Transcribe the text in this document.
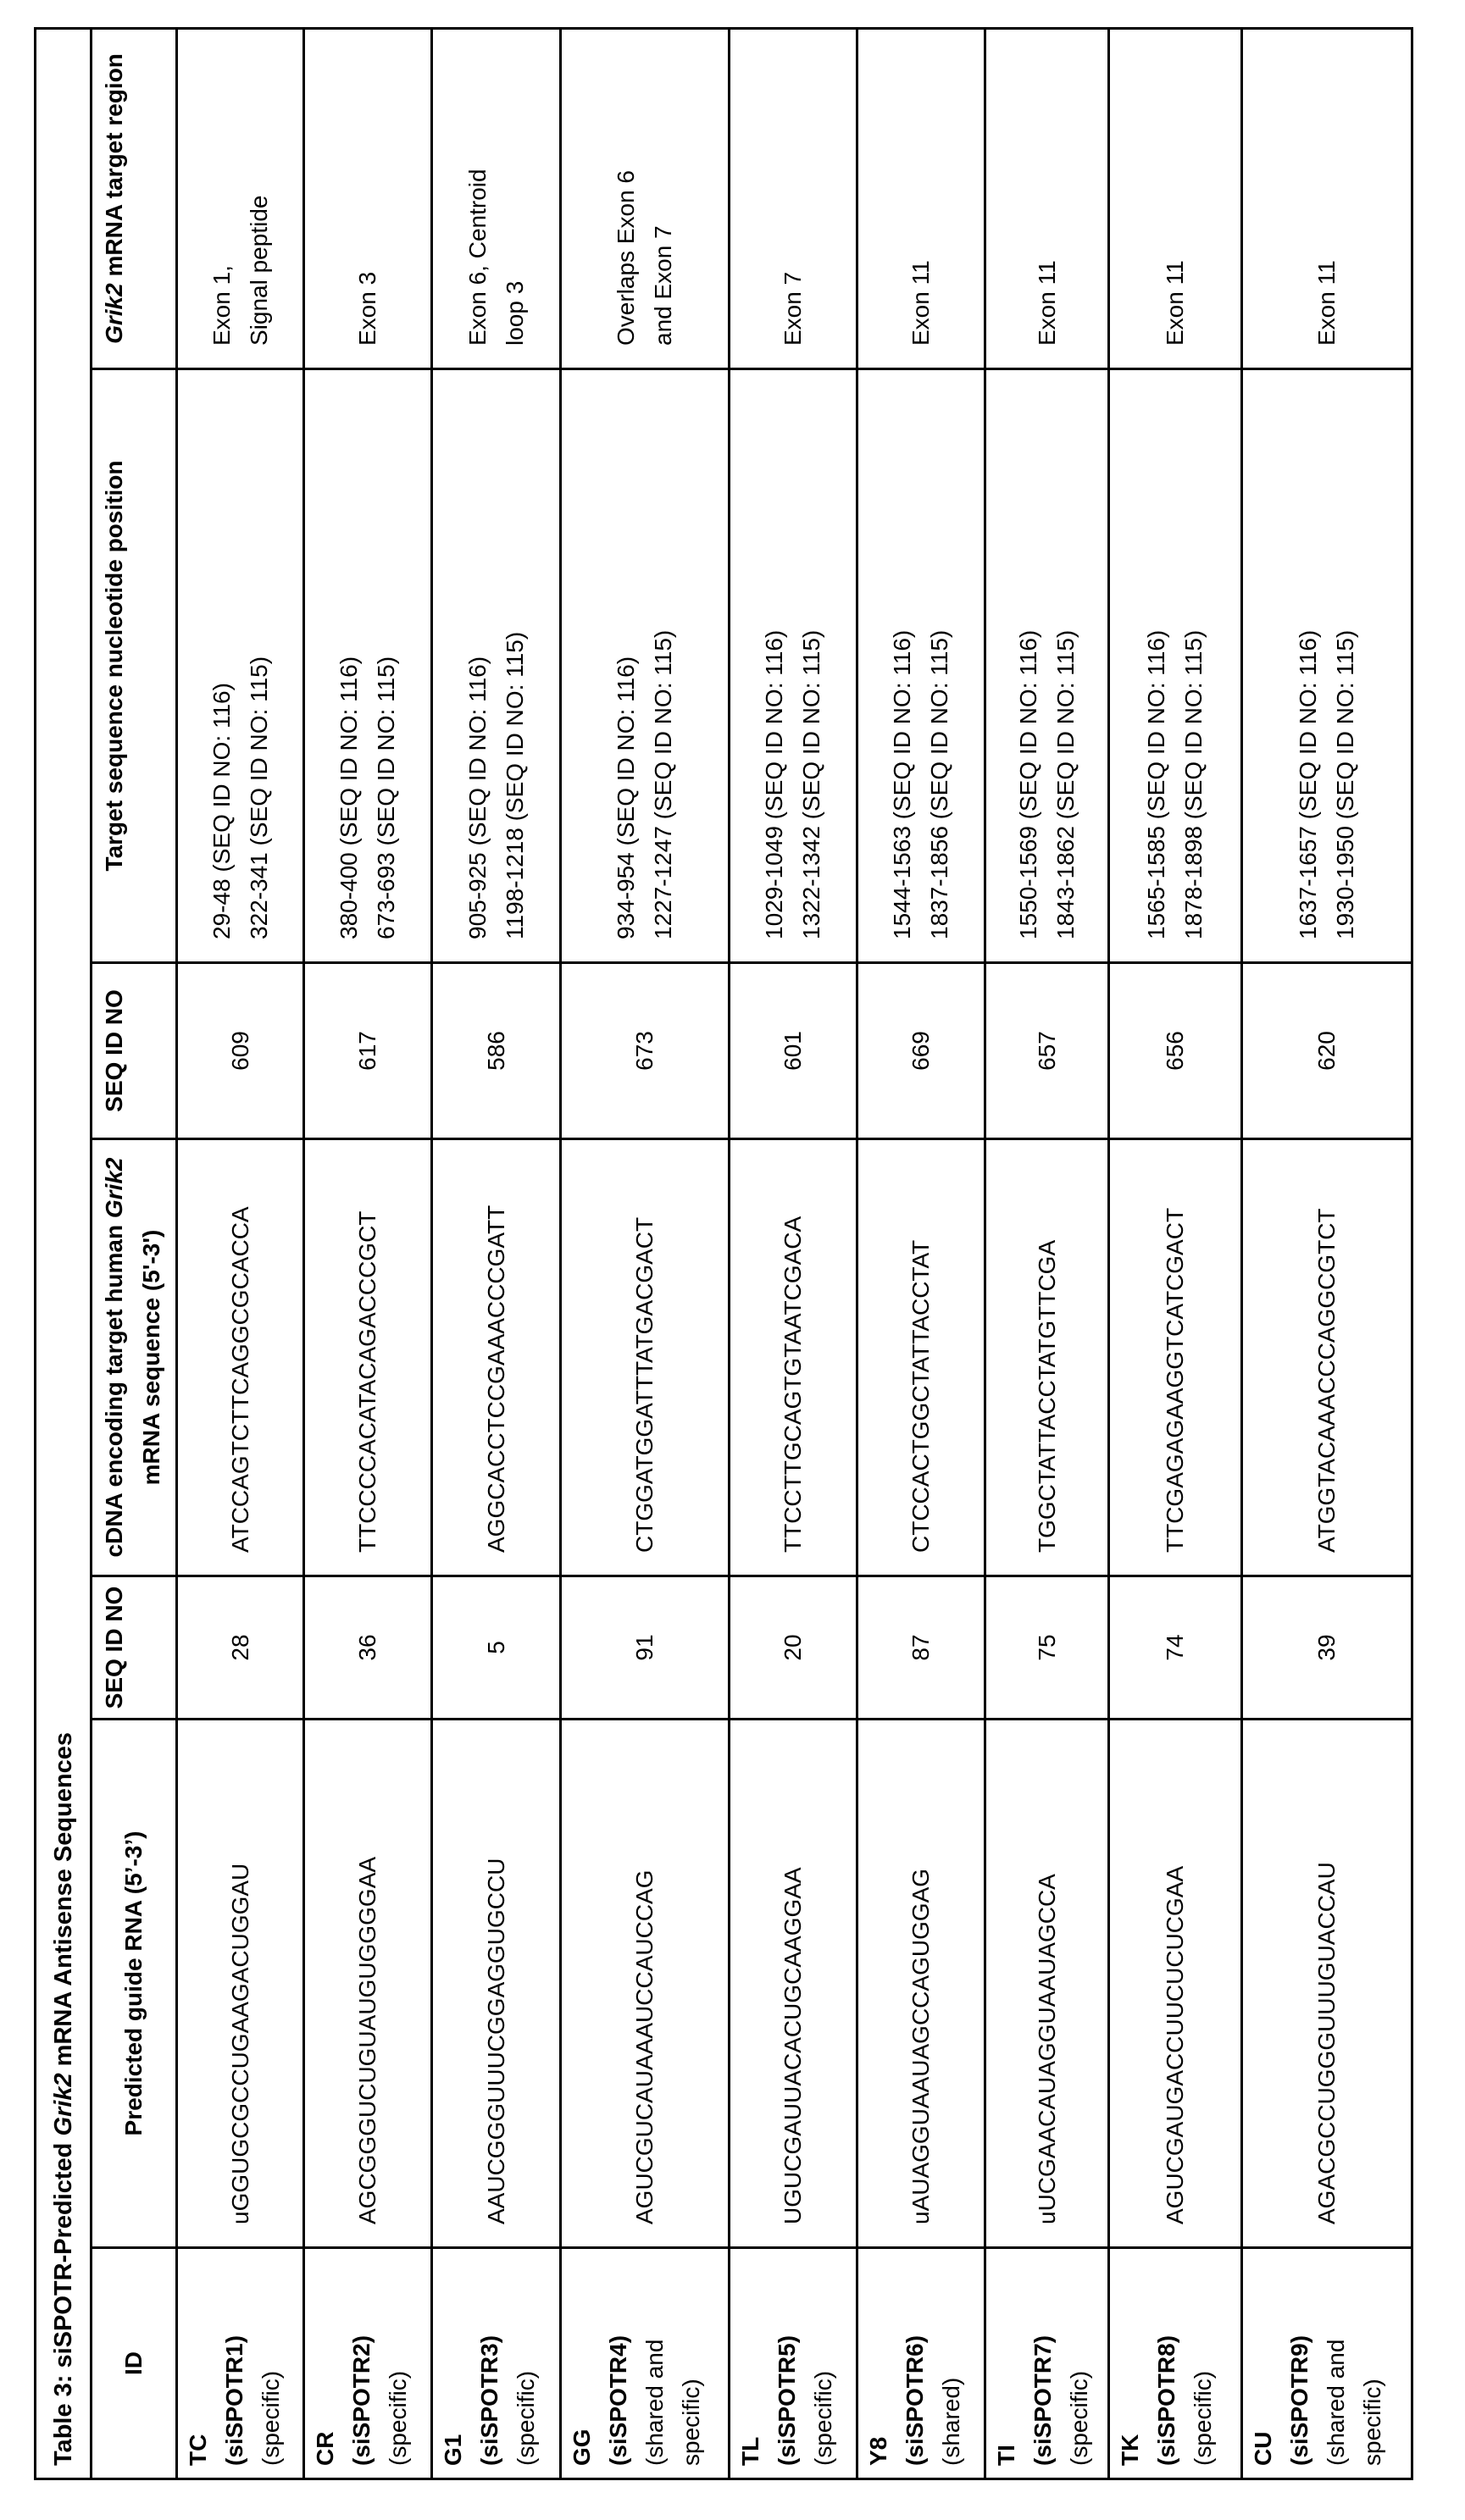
Table 3: siSPOTR-Predicted Grik2 mRNA Antisense Sequences
ID	Predicted guide RNA (5’-3’)	SEQ ID NO	cDNA encoding target human Grik2 mRNA sequence (5'-3')	SEQ ID NO	Target sequence nucleotide position	Grik2 mRNA target region
TC (siSPOTR1) (specific)	uGGUGCGCCUGAAGACUGGAU	28	ATCCAGTCTTCAGGCGCACCA	609	29-48 (SEQ ID NO: 116) 322-341 (SEQ ID NO: 115)	Exon 1, Signal peptide
CR (siSPOTR2) (specific)	AGCGGGUCUGUAUGUGGGGAA	36	TTCCCCACATACAGACCCGCT	617	380-400 (SEQ ID NO: 116) 673-693 (SEQ ID NO: 115)	Exon 3
G1 (siSPOTR3) (specific)	AAUCGGGUUUCGGAGGUGCCU	5	AGGCACCTCCGAAACCCGATT	586	905-925 (SEQ ID NO: 116) 1198-1218 (SEQ ID NO: 115)	Exon 6, Centroid loop 3
GG (siSPOTR4) (shared and specific)	AGUCGUCAUAAAUCCAUCCAG	91	CTGGATGGATTTATGACGACT	673	934-954 (SEQ ID NO: 116) 1227-1247 (SEQ ID NO: 115)	Overlaps Exon 6 and Exon 7
TL (siSPOTR5) (specific)	UGUCGAUUACACUGCAAGGAA	20	TTCCTTGCAGTGTAATCGACA	601	1029-1049 (SEQ ID NO: 116) 1322-1342 (SEQ ID NO: 115)	Exon 7
Y8 (siSPOTR6) (shared)	uAUAGGUAAUAGCCAGUGGAG	87	CTCCACTGGCTATTACCTAT	669	1544-1563 (SEQ ID NO: 116) 1837-1856 (SEQ ID NO: 115)	Exon 11
TI (siSPOTR7) (specific)	uUCGAACAUAGGUAAUAGCCA	75	TGGCTATTACCTATGTTCGA	657	1550-1569 (SEQ ID NO: 116) 1843-1862 (SEQ ID NO: 115)	Exon 11
TK (siSPOTR8) (specific)	AGUCGAUGACCUUCUCUCGAA	74	TTCGAGAGAAGGTCATCGACT	656	1565-1585 (SEQ ID NO: 116) 1878-1898 (SEQ ID NO: 115)	Exon 11
CU (siSPOTR9) (shared and specific)	AGACGCCUGGGUUUGUACCAU	39	ATGGTACAAACCCAGGCGTCT	620	1637-1657 (SEQ ID NO: 116) 1930-1950 (SEQ ID NO: 115)	Exon 11
